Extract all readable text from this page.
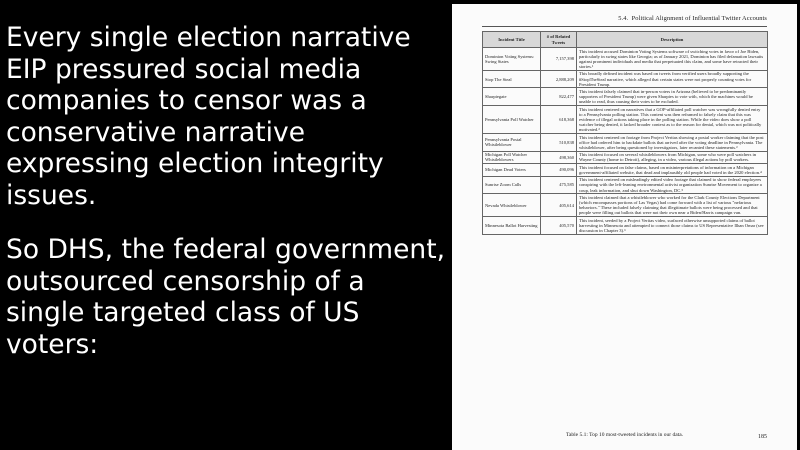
Every single election narrative EIP pressured social media companies to censor was a conservative narrative expressing election integrity issues.

So DHS, the federal government, outsourced censorship of a single targeted class of US voters:

5.4.  Political Alignment of Influential Twitter Accounts
Incident Title	# of Related Tweets	Description
Dominion Voting Systems: Swing States	7,157,398	This incident accused Dominion Voting Systems software of switching votes in favor of Joe Biden, particularly in swing states like Georgia; as of January 2021, Dominion has filed defamation lawsuits against prominent individuals and media that perpetuated this claim, and some have retracted their stories.¹
Stop The Steal	2,888,209	This broadly defined incident was based on tweets from verified users broadly supporting the #StopTheSteal narrative, which alleged that certain states were not properly counting votes for President Trump.
Sharpiegate	822,477	This incident falsely claimed that in-person voters in Arizona (believed to be predominantly supporters of President Trump) were given Sharpies to vote with, which the machines would be unable to read, thus causing their votes to be excluded.
Pennsylvania Poll Watcher	618,368	This incident centered on narratives that a GOP-affiliated poll watcher was wrongfully denied entry to a Pennsylvania polling station. This content was then reframed to falsely claim that this was evidence of illegal actions taking place in the polling station. While the video does show a poll watcher being denied, it lacked broader context as to the reason for denial, which was not politically motivated.²
Pennsylvania Postal Whistleblower	510,838	This incident centered on footage from Project Veritas showing a postal worker claiming that the post office had ordered him to backdate ballots that arrived after the voting deadline in Pennsylvania. The whistleblower, after being questioned by investigators, later recanted these statements.³
Michigan Poll Watcher Whistleblowers	498,360	This incident focused on several whistleblowers from Michigan, some who were poll watchers in Wayne County (home to Detroit), alleging, in a video, various illegal actions by poll workers.
Michigan Dead Voters	490,096	This incident focused on false claims, based on misinterpretations of information on a Michigan government-affiliated website, that dead and implausibly old people had voted in the 2020 election.⁴
Sunrise Zoom Calls	475,585	This incident centered on misleadingly edited video footage that claimed to show federal employees conspiring with the left-leaning environmental activist organization Sunrise Movement to organize a coup, leak information, and shut down Washington, DC.⁵
Nevada Whistleblower	405,614	This incident claimed that a whistleblower who worked for the Clark County Elections Department (which encompasses portions of Las Vegas) had come forward with a list of various "nefarious behaviors." These included falsely claiming that illegitimate ballots were being processed and that people were filling out ballots that were not their own near a Biden/Harris campaign van.
Minnesota Ballot Harvesting	405,570	This incident, seeded by a Project Veritas video, surfaced otherwise unsupported claims of ballot harvesting in Minnesota and attempted to connect those claims to US Representative Ilhan Omar (see discussion in Chapter 3).⁶
Table 5.1: Top 10 most-tweeted incidents in our data.	185
